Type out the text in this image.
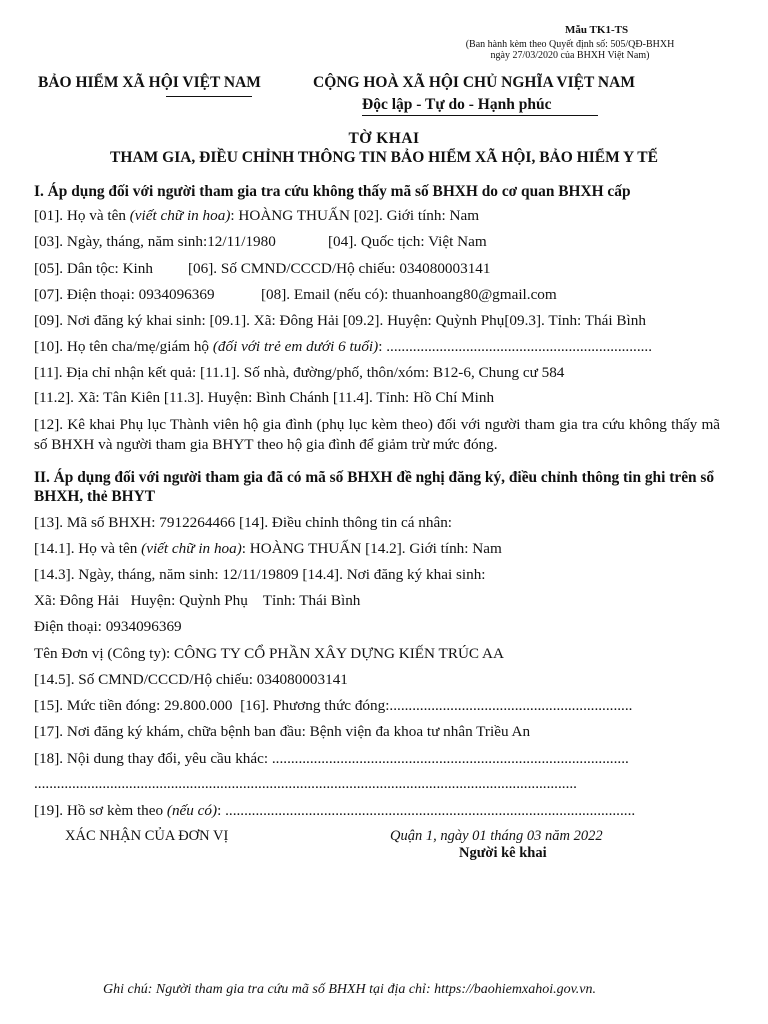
Mẫu TK1-TS
(Ban hành kèm theo Quyết định số: 505/QĐ-BHXH
ngày 27/03/2020 của BHXH Việt Nam)
BẢO HIỂM XÃ HỘI VIỆT NAM	CỘNG HOÀ XÃ HỘI CHỦ NGHĨA VIỆT NAM
Độc lập - Tự do - Hạnh phúc
TỜ KHAI
THAM GIA, ĐIỀU CHỈNH THÔNG TIN BẢO HIỂM XÃ HỘI, BẢO HIỂM Y TẾ
I. Áp dụng đối với người tham gia tra cứu không thấy mã số BHXH do cơ quan BHXH cấp
[01]. Họ và tên (viết chữ in hoa): HOÀNG THUẤN [02]. Giới tính: Nam
[03]. Ngày, tháng, năm sinh:12/11/1980	[04]. Quốc tịch: Việt Nam
[05]. Dân tộc: Kinh [06]. Số CMND/CCCD/Hộ chiếu: 034080003141
[07]. Điện thoại: 0934096369	[08]. Email (nếu có): thuanhoang80@gmail.com
[09]. Nơi đăng ký khai sinh: [09.1]. Xã: Đông Hải [09.2]. Huyện: Quỳnh Phụ[09.3]. Tỉnh: Thái Bình
[10]. Họ tên cha/mẹ/giám hộ (đối với trẻ em dưới 6 tuổi): ......................................................................
[11]. Địa chỉ nhận kết quả: [11.1]. Số nhà, đường/phố, thôn/xóm: B12-6, Chung cư 584
[11.2]. Xã: Tân Kiên [11.3]. Huyện: Bình Chánh [11.4]. Tỉnh: Hồ Chí Minh
[12]. Kê khai Phụ lục Thành viên hộ gia đình (phụ lục kèm theo) đối với người tham gia tra cứu không thấy mã số BHXH và người tham gia BHYT theo hộ gia đình để giảm trừ mức đóng.
II. Áp dụng đối với người tham gia đã có mã số BHXH đề nghị đăng ký, điều chỉnh thông tin ghi trên sổ BHXH, thẻ BHYT
[13]. Mã số BHXH: 7912264466 [14]. Điều chỉnh thông tin cá nhân:
[14.1]. Họ và tên (viết chữ in hoa): HOÀNG THUẤN [14.2]. Giới tính: Nam
[14.3]. Ngày, tháng, năm sinh: 12/11/19809 [14.4]. Nơi đăng ký khai sinh:
Xã: Đông Hải   Huyện: Quỳnh Phụ    Tỉnh: Thái Bình
Điện thoại: 0934096369
Tên Đơn vị (Công ty): CÔNG TY CỔ PHẦN XÂY DỰNG KIẾN TRÚC AA
[14.5]. Số CMND/CCCD/Hộ chiếu: 034080003141
[15]. Mức tiền đóng: 29.800.000  [16]. Phương thức đóng:................................................................
[17]. Nơi đăng ký khám, chữa bệnh ban đầu: Bệnh viện đa khoa tư nhân Triều An
[18]. Nội dung thay đổi, yêu cầu khác: ..............................................................................................
...............................................................................................................................................
[19]. Hồ sơ kèm theo (nếu có): ............................................................................................................
XÁC NHẬN CỦA ĐƠN VỊ	Quận 1, ngày 01 tháng 03 năm 2022
Người kê khai
Ghi chú: Người tham gia tra cứu mã số BHXH tại địa chỉ: https://baohiemxahoi.gov.vn.
